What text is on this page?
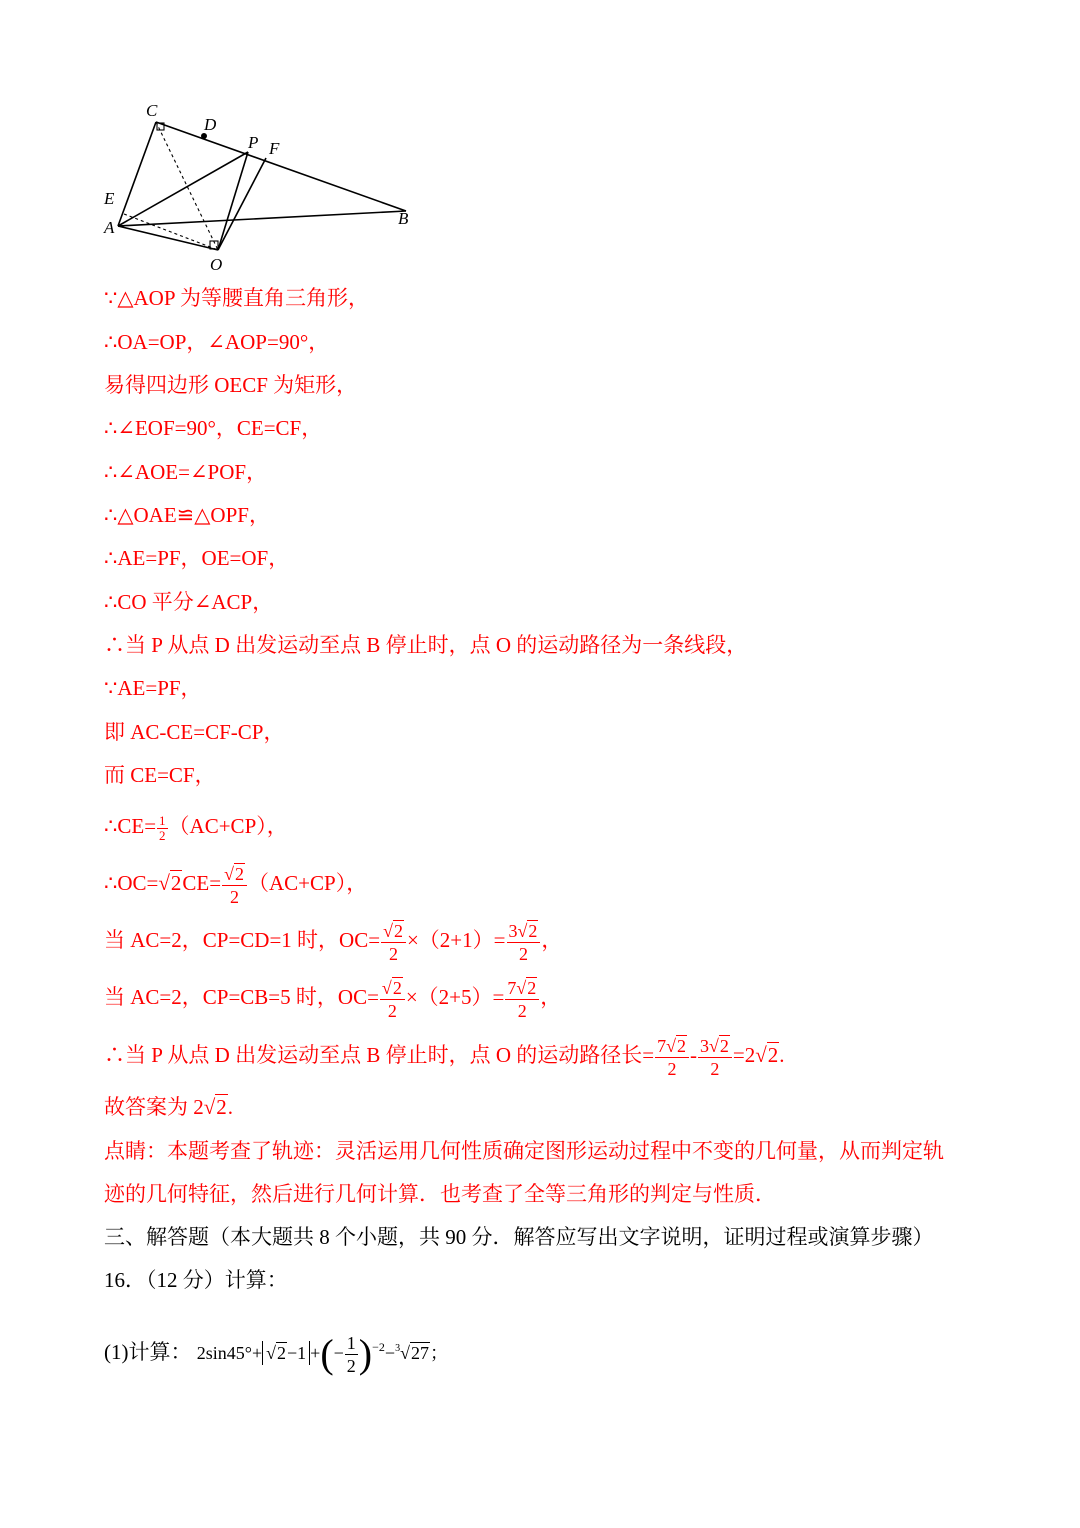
C
D
P F
E
A	B
O
∵△AOP 为等腰直角三角形，
∴OA=OP，∠AOP=90°，
易得四边形 OECF 为矩形，
∴∠EOF=90°，CE=CF，
∴∠AOE=∠POF，
∴△OAE≌△OPF，
∴AE=PF，OE=OF，
∴CO 平分∠ACP，
∴当 P 从点 D 出发运动至点 B 停止时，点 O 的运动路径为一条线段，
∵AE=PF，
即 AC-CE=CF-CP，
而 CE=CF，
∴CE= $\frac{1}{2} (AC+CP)$，
∴OC=√2CE= $\frac{√2}{2} (AC+CP)$，
当 AC=2，CP=CD=1 时，$OC= \frac{√2}{2} \times(2+1)= \frac{3√2}{2}$ ，
当 AC=2，CP=CB=5 时，$OC= \frac{√2}{2} \times(2+5)= \frac{7√2}{2}$ ，
∴当 P 从点 D 出发运动至点 B 停止时，点 O 的运动路径长= $\frac{7√2}{2} - \frac{3√2}{2} =2√2$.
故答案为 2√2.
点睛：本题考查了轨迹：灵活运用几何性质确定图形运动过程中不变的几何量，从而判定轨
迹的几何特征，然后进行几何计算．也考查了全等三角形的判定与性质．
三、解答题（本大题共 8 个小题，共 90 分．解答应写出文字说明，证明过程或演算步骤）
16．（12 分）计算：
(1)计算： 2sin45°+ √2−1 +(− $\frac{1}{2} )^{-2}-^3√27$；
